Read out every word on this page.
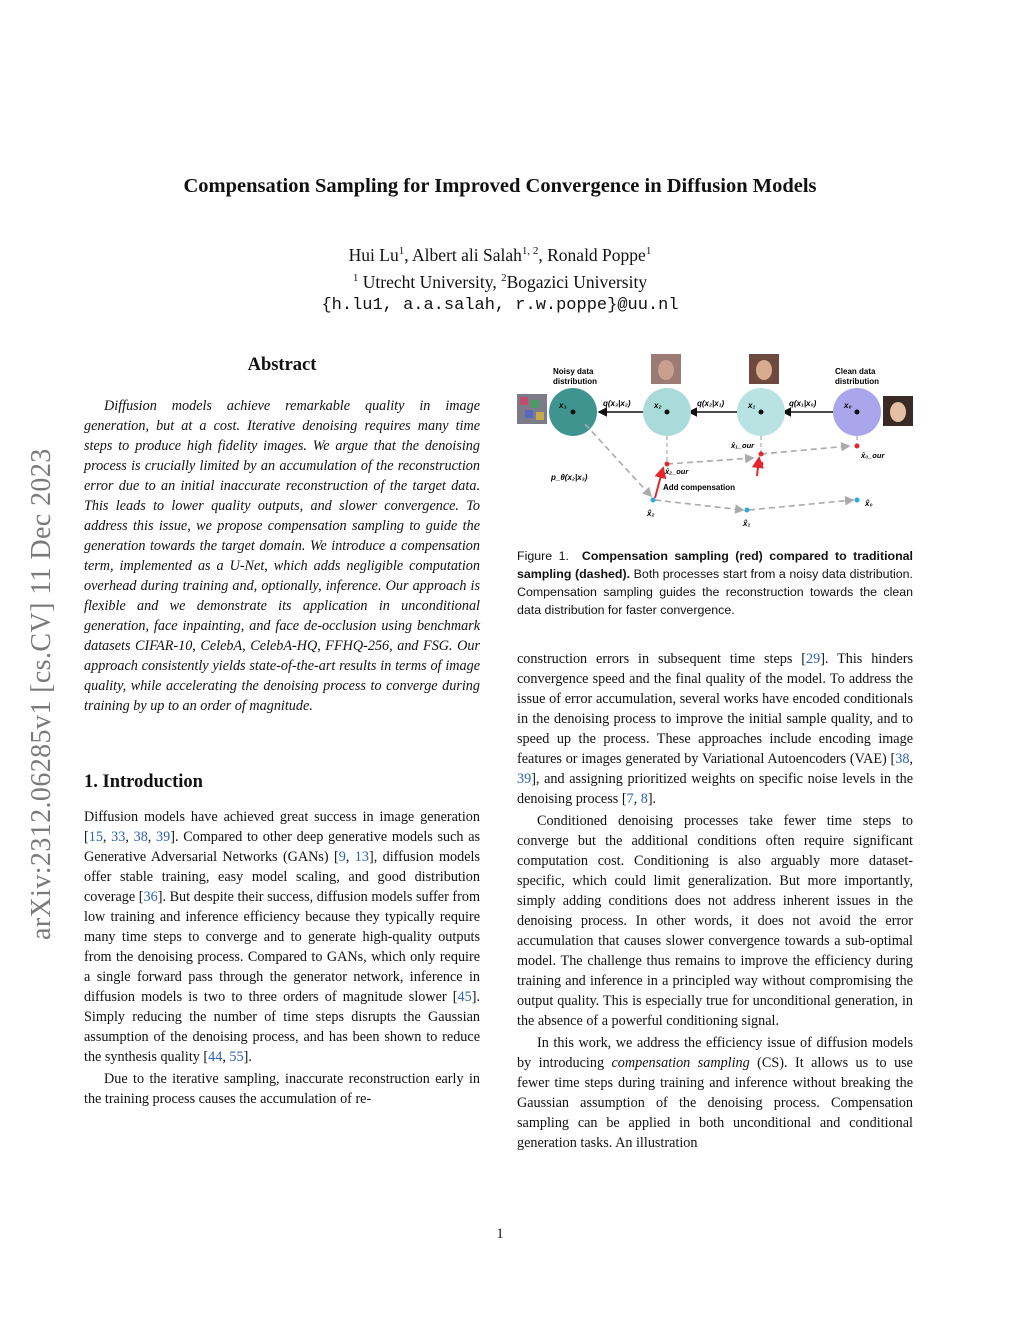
arXiv:2312.06285v1 [cs.CV] 11 Dec 2023
Compensation Sampling for Improved Convergence in Diffusion Models
Hui Lu$^1$, Albert ali Salah$^{1, 2}$, Ronald Poppe$^1$
$^1$ Utrecht University, $^2$Bogazici University
{h.lu1, a.a.salah, r.w.poppe}@uu.nl
Abstract

Diffusion models achieve remarkable quality in image generation, but at a cost. Iterative denoising requires many time steps to produce high fidelity images. We argue that the denoising process is crucially limited by an accumulation of the reconstruction error due to an initial inaccurate reconstruction of the target data. This leads to lower quality outputs, and slower convergence. To address this issue, we propose compensation sampling to guide the generation towards the target domain. We introduce a compensation term, implemented as a U-Net, which adds negligible computation overhead during training and, optionally, inference. Our approach is flexible and we demonstrate its application in unconditional generation, face inpainting, and face de-occlusion using benchmark datasets CIFAR-10, CelebA, CelebA-HQ, FFHQ-256, and FSG. Our approach consistently yields state-of-the-art results in terms of image quality, while accelerating the denoising process to converge during training by up to an order of magnitude.

1. Introduction

Diffusion models have achieved great success in image generation [15, 33, 38, 39]. Compared to other deep generative models such as Generative Adversarial Networks (GANs) [9, 13], diffusion models offer stable training, easy model scaling, and good distribution coverage [36]. But despite their success, diffusion models suffer from low training and inference efficiency because they typically require many time steps to converge and to generate high-quality outputs from the denoising process. Compared to GANs, which only require a single forward pass through the generator network, inference in diffusion models is two to three orders of magnitude slower [45]. Simply reducing the number of time steps disrupts the Gaussian assumption of the denoising process, and has been shown to reduce the synthesis quality [44, 55].

Due to the iterative sampling, inaccurate reconstruction early in the training process causes the accumulation of re-

Noisy data
distribution
Clean data
distribution
q(x₃|x₂)	q(x₂|x₁)	q(x₁|x₀)
x₃	x₂	x₁	x₀
p_θ(x₂|x₃)
x̂₂_our
x̂₁_our
x̂₀_our
Add compensation
x̂₂
x̂₁
x̂₀

Figure 1. Compensation sampling (red) compared to traditional sampling (dashed). Both processes start from a noisy data distribution. Compensation sampling guides the reconstruction towards the clean data distribution for faster convergence.

construction errors in subsequent time steps [29]. This hinders convergence speed and the final quality of the model. To address the issue of error accumulation, several works have encoded conditionals in the denoising process to improve the initial sample quality, and to speed up the process. These approaches include encoding image features or images generated by Variational Autoencoders (VAE) [38, 39], and assigning prioritized weights on specific noise levels in the denoising process [7, 8].

Conditioned denoising processes take fewer time steps to converge but the additional conditions often require significant computation cost. Conditioning is also arguably more dataset-specific, which could limit generalization. But more importantly, simply adding conditions does not address inherent issues in the denoising process. In other words, it does not avoid the error accumulation that causes slower convergence towards a sub-optimal model. The challenge thus remains to improve the efficiency during training and inference in a principled way without compromising the output quality. This is especially true for unconditional generation, in the absence of a powerful conditioning signal.

In this work, we address the efficiency issue of diffusion models by introducing compensation sampling (CS). It allows us to use fewer time steps during training and inference without breaking the Gaussian assumption of the denoising process. Compensation sampling can be applied in both unconditional and conditional generation tasks. An illustration

1
